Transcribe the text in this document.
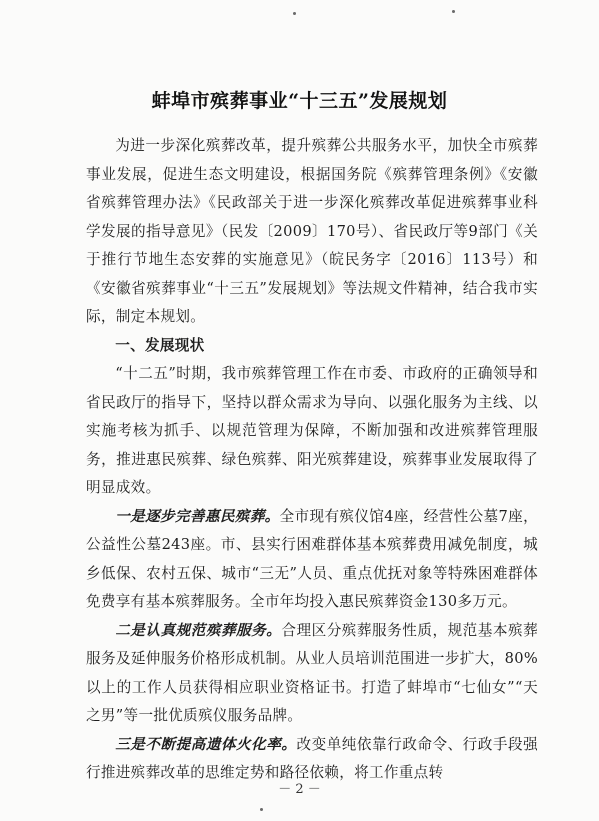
蚌埠市殡葬事业“十三五”发展规划

为进一步深化殡葬改革，提升殡葬公共服务水平，加快全市殡葬事业发展，促进生态文明建设，根据国务院《殡葬管理条例》《安徽省殡葬管理办法》《民政部关于进一步深化殡葬改革促进殡葬事业科学发展的指导意见》（民发〔2009〕170号）、省民政厅等9部门《关于推行节地生态安葬的实施意见》（皖民务字〔2016〕113号）和《安徽省殡葬事业“十三五”发展规划》等法规文件精神，结合我市实际，制定本规划。

一、发展现状

“十二五”时期，我市殡葬管理工作在市委、市政府的正确领导和省民政厅的指导下，坚持以群众需求为导向、以强化服务为主线、以实施考核为抓手、以规范管理为保障，不断加强和改进殡葬管理服务，推进惠民殡葬、绿色殡葬、阳光殡葬建设，殡葬事业发展取得了明显成效。

一是逐步完善惠民殡葬。全市现有殡仪馆4座，经营性公墓7座，公益性公墓243座。市、县实行困难群体基本殡葬费用减免制度，城乡低保、农村五保、城市“三无”人员、重点优抚对象等特殊困难群体免费享有基本殡葬服务。全市年均投入惠民殡葬资金130多万元。

二是认真规范殡葬服务。合理区分殡葬服务性质，规范基本殡葬服务及延伸服务价格形成机制。从业人员培训范围进一步扩大，80%以上的工作人员获得相应职业资格证书。打造了蚌埠市“七仙女”“天之男”等一批优质殡仪服务品牌。

三是不断提高遗体火化率。改变单纯依靠行政命令、行政手段强行推进殡葬改革的思维定势和路径依赖，将工作重点转

－ 2 －
